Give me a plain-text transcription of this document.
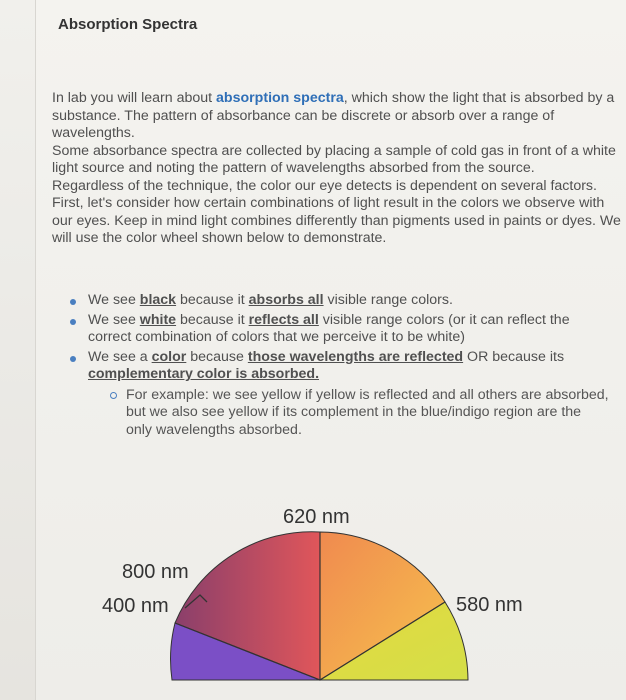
Absorption Spectra

In lab you will learn about absorption spectra, which show the light that is absorbed by a substance. The pattern of absorbance can be discrete or absorb over a range of wavelengths.

Some absorbance spectra are collected by placing a sample of cold gas in front of a white light source and noting the pattern of wavelengths absorbed from the source.

Regardless of the technique, the color our eye detects is dependent on several factors. First, let's consider how certain combinations of light result in the colors we observe with our eyes. Keep in mind light combines differently than pigments used in paints or dyes. We will use the color wheel shown below to demonstrate.

We see black because it absorbs all visible range colors.
We see white because it reflects all visible range colors (or it can reflect the correct combination of colors that we perceive it to be white)
We see a color because those wavelengths are reflected OR because its complementary color is absorbed.
For example: we see yellow if yellow is reflected and all others are absorbed, but we also see yellow if its complement in the blue/indigo region are the only wavelengths absorbed.
620 nm
800 nm
400 nm	580 nm
